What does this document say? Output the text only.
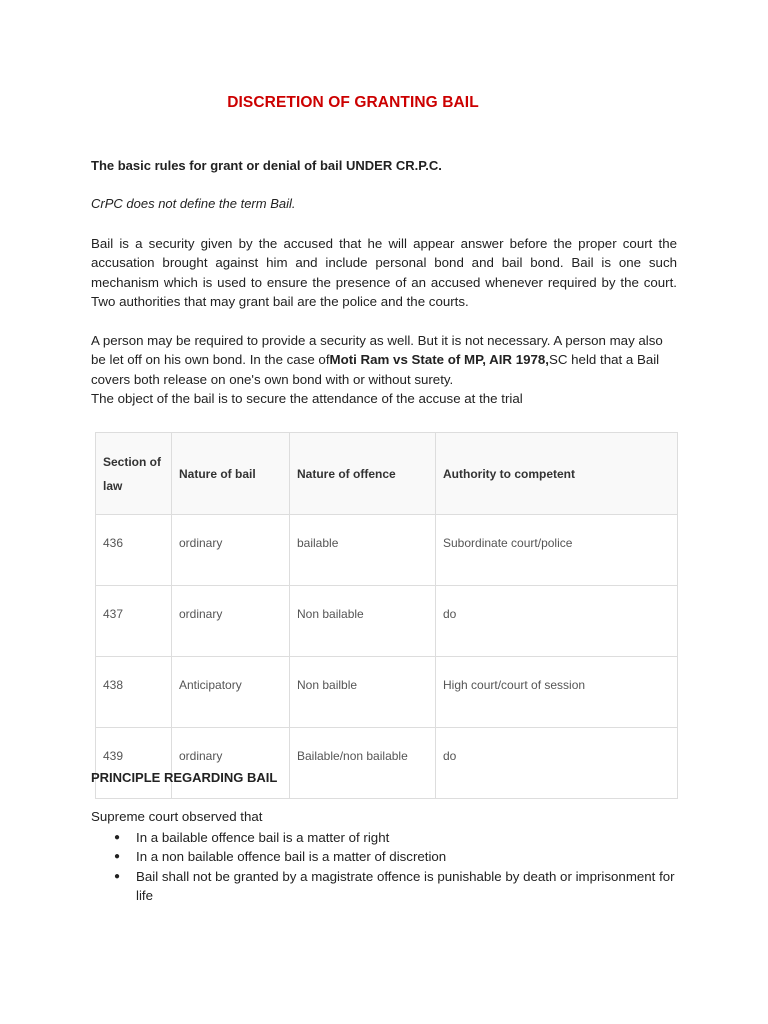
DISCRETION OF GRANTING BAIL
The basic rules for grant or denial of bail UNDER CR.P.C.
CrPC does not define the term Bail.
Bail is a security given by the accused that he will appear answer before the proper court the accusation brought against him and include personal bond and bail bond. Bail is one such mechanism which is used to ensure the presence of an accused whenever required by the court. Two authorities that may grant bail are the police and the courts.
A person may be required to provide a security as well. But it is not necessary. A person may also be let off on his own bond. In the case ofMoti Ram vs State of MP, AIR 1978,SC held that a Bail covers both release on one's own bond with or without surety.
The object of the bail is to secure the attendance of the accuse at the trial
Section of law	Nature of bail	Nature of offence	Authority to competent
436	ordinary	bailable	Subordinate court/police
437	ordinary	Non bailable	do
438	Anticipatory	Non bailble	High court/court of session
439	ordinary	Bailable/non bailable	do
PRINCIPLE REGARDING BAIL
Supreme court observed that
● In a bailable offence bail is a matter of right
● In a non bailable offence bail is a matter of discretion
● Bail shall not be granted by a magistrate offence is punishable by death or imprisonment for life
